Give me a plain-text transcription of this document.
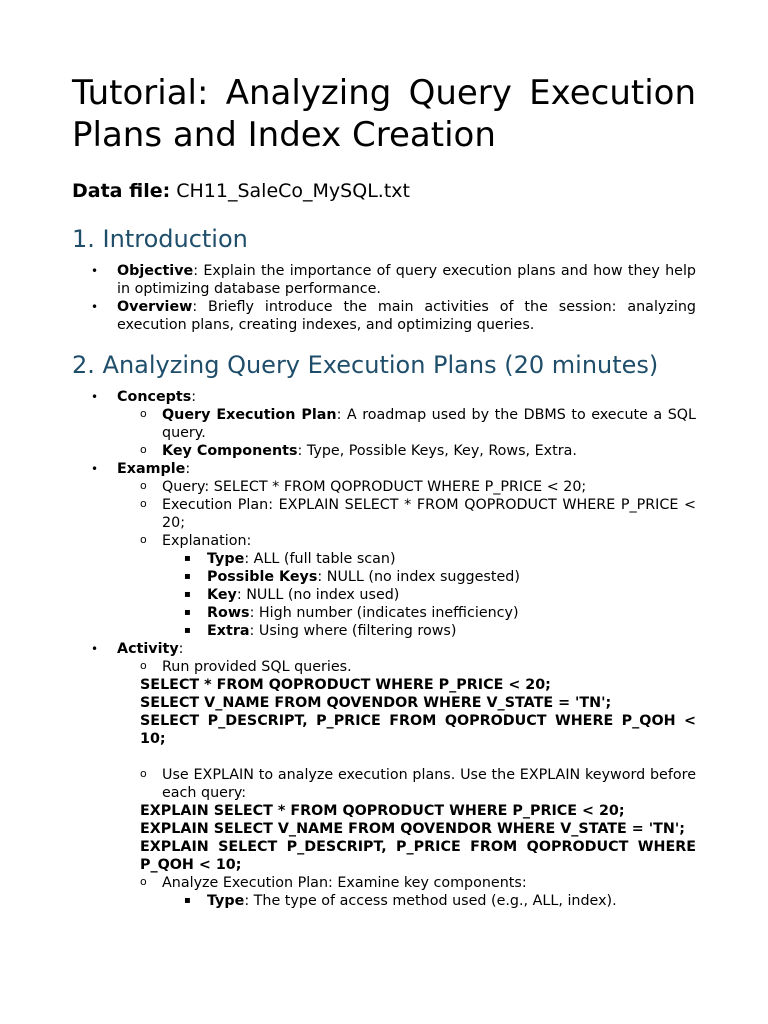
Tutorial: Analyzing Query Execution Plans and Index Creation
Data file: CH11_SaleCo_MySQL.txt
1. Introduction
• Objective: Explain the importance of query execution plans and how they help in optimizing database performance.
• Overview: Briefly introduce the main activities of the session: analyzing execution plans, creating indexes, and optimizing queries.
2. Analyzing Query Execution Plans (20 minutes)
• Concepts:
o Query Execution Plan: A roadmap used by the DBMS to execute a SQL query.
o Key Components: Type, Possible Keys, Key, Rows, Extra.
• Example:
o Query: SELECT * FROM QOPRODUCT WHERE P_PRICE < 20;
o Execution Plan: EXPLAIN SELECT * FROM QOPRODUCT WHERE P_PRICE < 20;
o Explanation:
▪ Type: ALL (full table scan)
▪ Possible Keys: NULL (no index suggested)
▪ Key: NULL (no index used)
▪ Rows: High number (indicates inefficiency)
▪ Extra: Using where (filtering rows)
• Activity:
o Run provided SQL queries.
SELECT * FROM QOPRODUCT WHERE P_PRICE < 20;
SELECT V_NAME FROM QOVENDOR WHERE V_STATE = 'TN';
SELECT P_DESCRIPT, P_PRICE FROM QOPRODUCT WHERE P_QOH < 10;
o Use EXPLAIN to analyze execution plans. Use the EXPLAIN keyword before each query:
EXPLAIN SELECT * FROM QOPRODUCT WHERE P_PRICE < 20;
EXPLAIN SELECT V_NAME FROM QOVENDOR WHERE V_STATE = 'TN';
EXPLAIN SELECT P_DESCRIPT, P_PRICE FROM QOPRODUCT WHERE P_QOH < 10;
o Analyze Execution Plan: Examine key components:
▪ Type: The type of access method used (e.g., ALL, index).
